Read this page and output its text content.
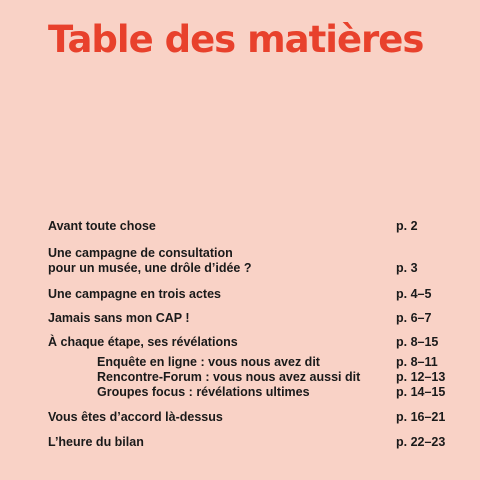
Table des matières
Avant toute chose	p. 2
Une campagne de consultation
pour un musée, une drôle d’idée ?	p. 3
Une campagne en trois actes	p. 4–5
Jamais sans mon CAP !	p. 6–7
À chaque étape, ses révélations	p. 8–15
Enquête en ligne : vous nous avez dit	p. 8–11
Rencontre-Forum : vous nous avez aussi dit	p. 12–13
Groupes focus : révélations ultimes	p. 14–15
Vous êtes d’accord là-dessus	p. 16–21
L’heure du bilan	p. 22–23
